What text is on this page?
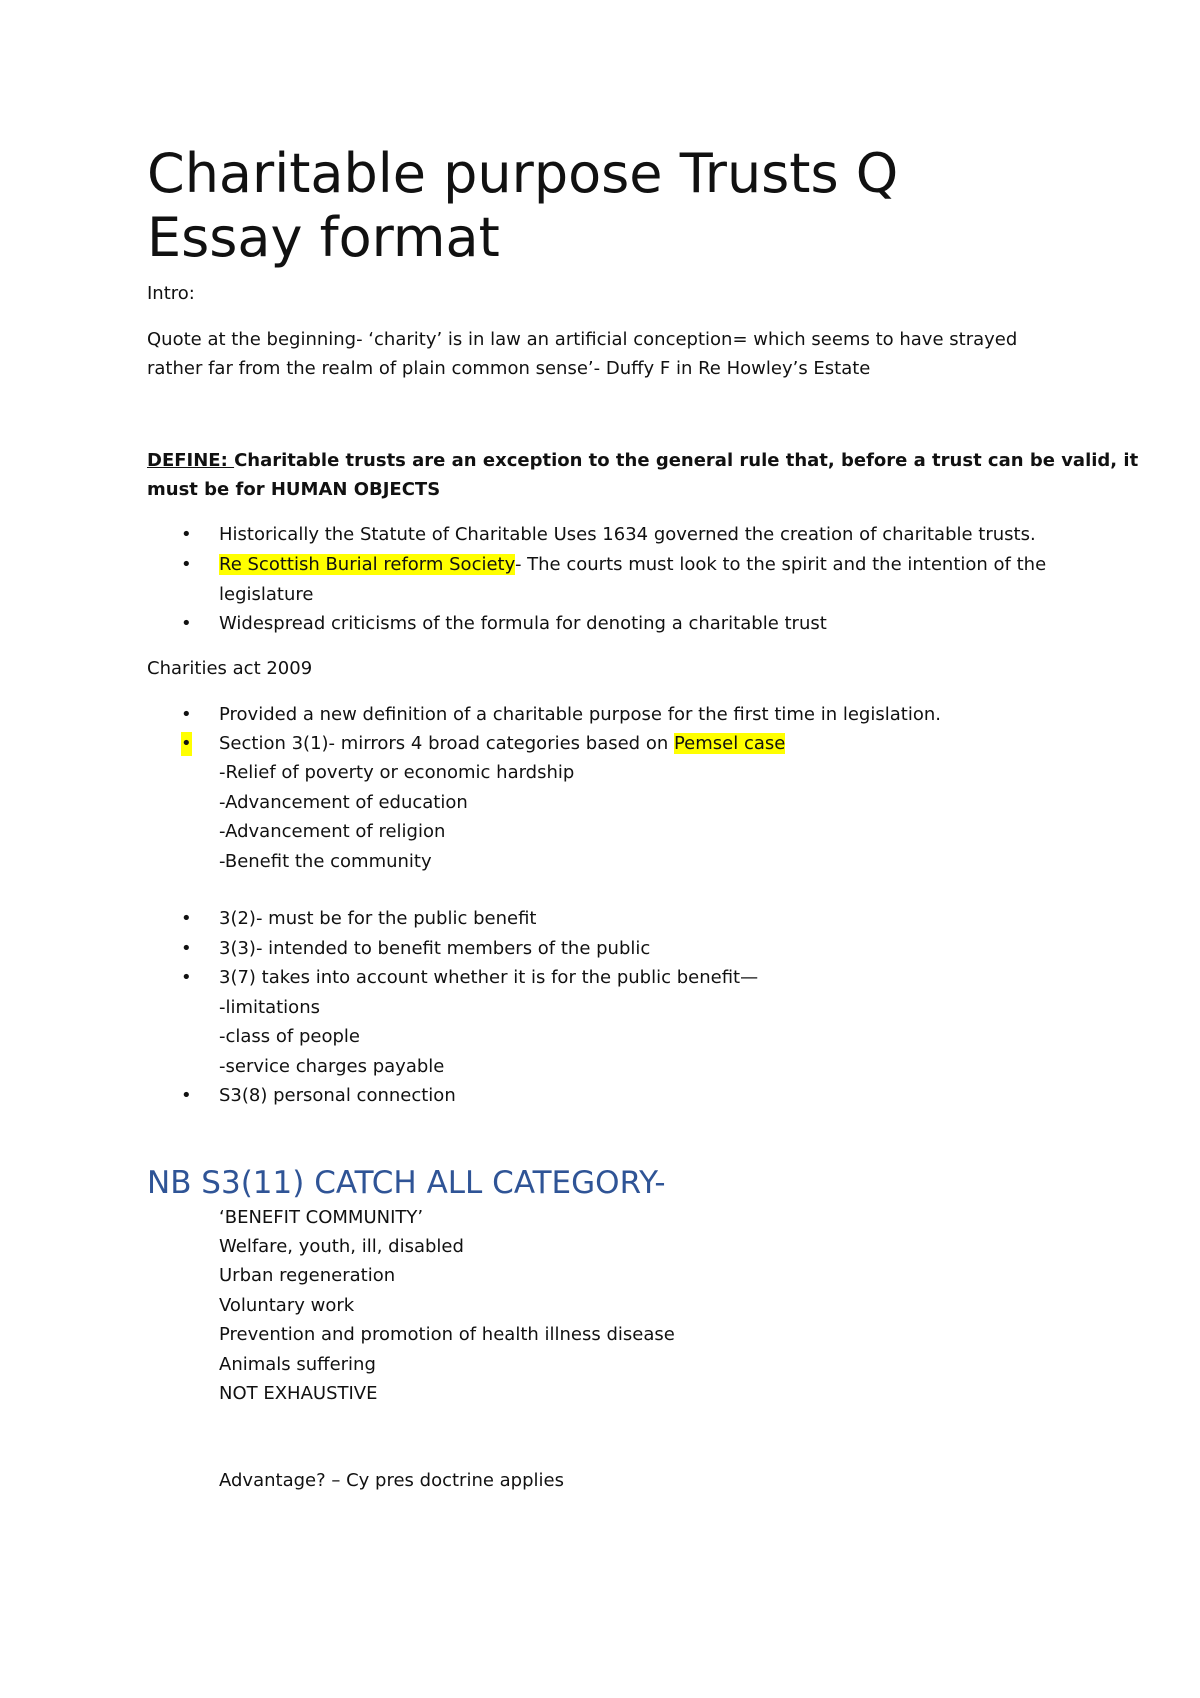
Charitable purpose Trusts Q
Essay format
Intro:
Quote at the beginning- ‘charity’ is in law an artificial conception= which seems to have strayed
rather far from the realm of plain common sense’- Duffy F in Re Howley’s Estate
DEFINE: Charitable trusts are an exception to the general rule that, before a trust can be valid, it
must be for HUMAN OBJECTS
• Historically the Statute of Charitable Uses 1634 governed the creation of charitable trusts.
• Re Scottish Burial reform Society- The courts must look to the spirit and the intention of the
legislature
• Widespread criticisms of the formula for denoting a charitable trust
Charities act 2009
• Provided a new definition of a charitable purpose for the first time in legislation.
• Section 3(1)- mirrors 4 broad categories based on Pemsel case
-Relief of poverty or economic hardship
-Advancement of education
-Advancement of religion
-Benefit the community
• 3(2)- must be for the public benefit
• 3(3)- intended to benefit members of the public
• 3(7) takes into account whether it is for the public benefit—
-limitations
-class of people
-service charges payable
• S3(8) personal connection
NB S3(11) CATCH ALL CATEGORY-
‘BENEFIT COMMUNITY’
Welfare, youth, ill, disabled
Urban regeneration
Voluntary work
Prevention and promotion of health illness disease
Animals suffering
NOT EXHAUSTIVE
Advantage? – Cy pres doctrine applies
